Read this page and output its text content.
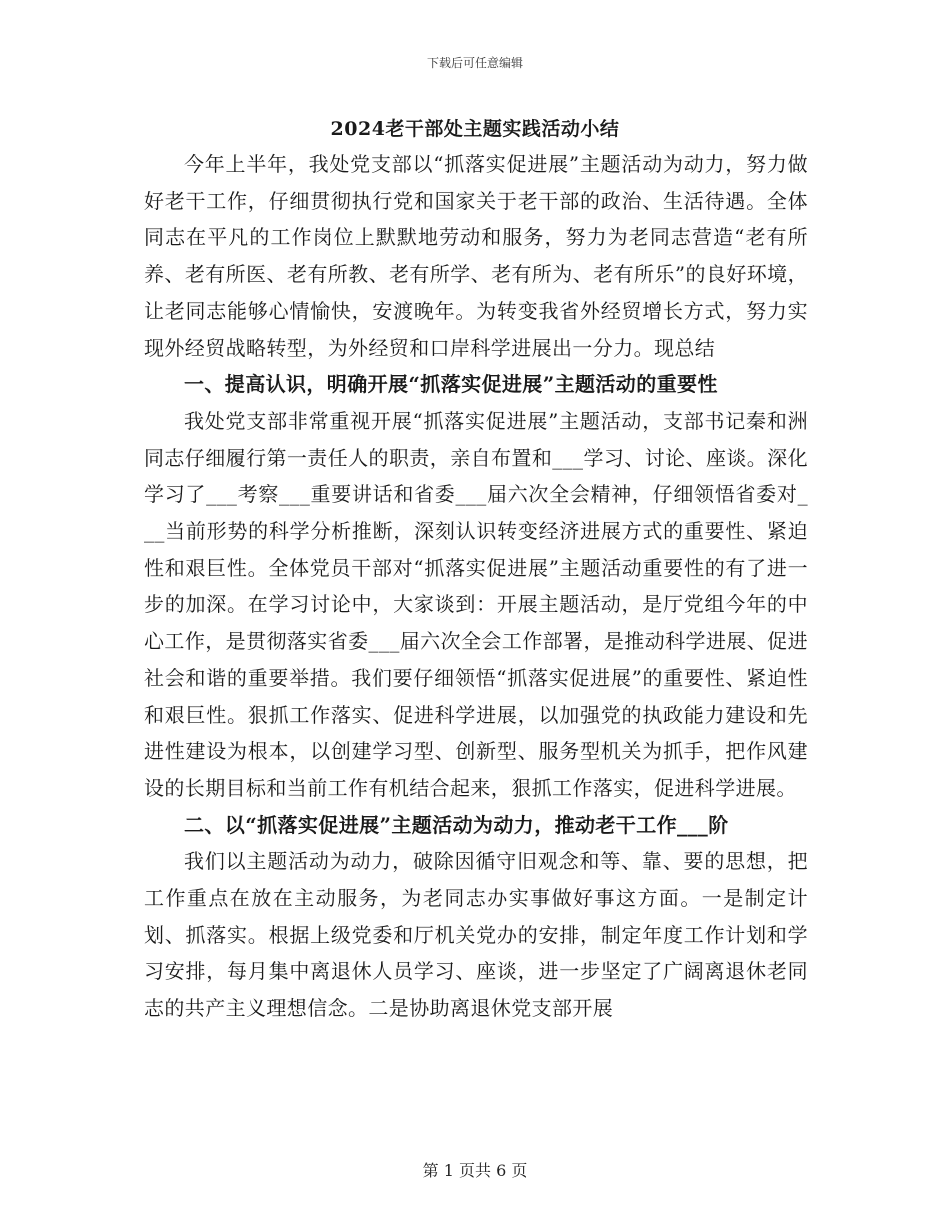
下载后可任意编辑
2024老干部处主题实践活动小结

今年上半年，我处党支部以“抓落实促进展”主题活动为动力，努力做好老干工作，仔细贯彻执行党和国家关于老干部的政治、生活待遇。全体同志在平凡的工作岗位上默默地劳动和服务，努力为老同志营造“老有所养、老有所医、老有所教、老有所学、老有所为、老有所乐”的良好环境，让老同志能够心情愉快，安渡晚年。为转变我省外经贸增长方式，努力实现外经贸战略转型，为外经贸和口岸科学进展出一分力。现总结

一、提高认识，明确开展“抓落实促进展”主题活动的重要性

我处党支部非常重视开展“抓落实促进展”主题活动，支部书记秦和洲同志仔细履行第一责任人的职责，亲自布置和___学习、讨论、座谈。深化学习了___考察___重要讲话和省委___届六次全会精神，仔细领悟省委对___当前形势的科学分析推断，深刻认识转变经济进展方式的重要性、紧迫性和艰巨性。全体党员干部对“抓落实促进展”主题活动重要性的有了进一步的加深。在学习讨论中，大家谈到：开展主题活动，是厅党组今年的中心工作，是贯彻落实省委___届六次全会工作部署，是推动科学进展、促进社会和谐的重要举措。我们要仔细领悟“抓落实促进展”的重要性、紧迫性和艰巨性。狠抓工作落实、促进科学进展，以加强党的执政能力建设和先进性建设为根本，以创建学习型、创新型、服务型机关为抓手，把作风建设的长期目标和当前工作有机结合起来，狠抓工作落实，促进科学进展。

二、以“抓落实促进展”主题活动为动力，推动老干工作___阶

我们以主题活动为动力，破除因循守旧观念和等、靠、要的思想，把工作重点在放在主动服务，为老同志办实事做好事这方面。一是制定计划、抓落实。根据上级党委和厅机关党办的安排，制定年度工作计划和学习安排，每月集中离退休人员学习、座谈，进一步坚定了广阔离退休老同志的共产主义理想信念。二是协助离退休党支部开展

第 1 页共 6 页
